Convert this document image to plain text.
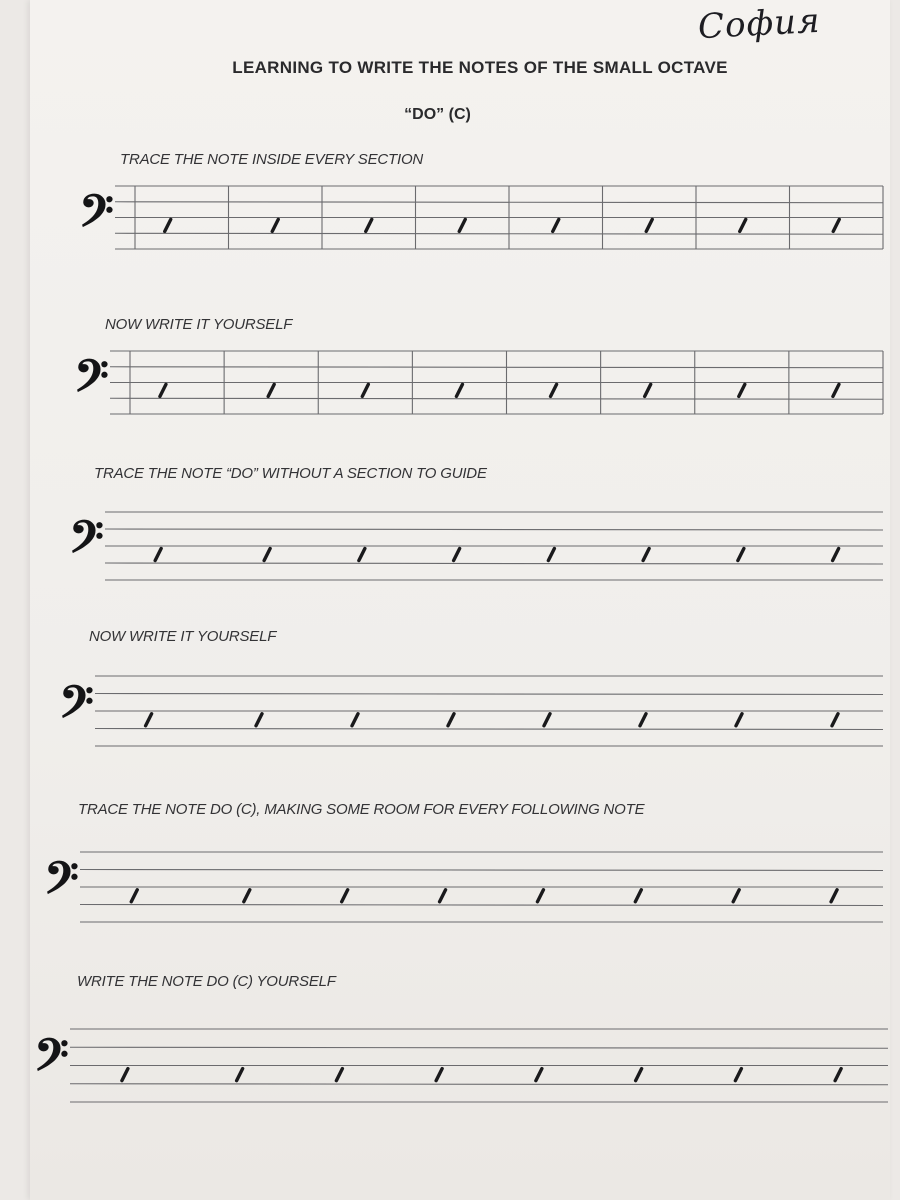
София
LEARNING TO WRITE THE NOTES OF THE SMALL OCTAVE
“DO” (C)
TRACE THE NOTE INSIDE EVERY SECTION
𝄢
NOW WRITE IT YOURSELF
𝄢
TRACE THE NOTE “DO” WITHOUT A SECTION TO GUIDE
𝄢
NOW WRITE IT YOURSELF
𝄢
TRACE THE NOTE DO (C), MAKING SOME ROOM FOR EVERY FOLLOWING NOTE
𝄢
WRITE THE NOTE DO (C) YOURSELF
𝄢
